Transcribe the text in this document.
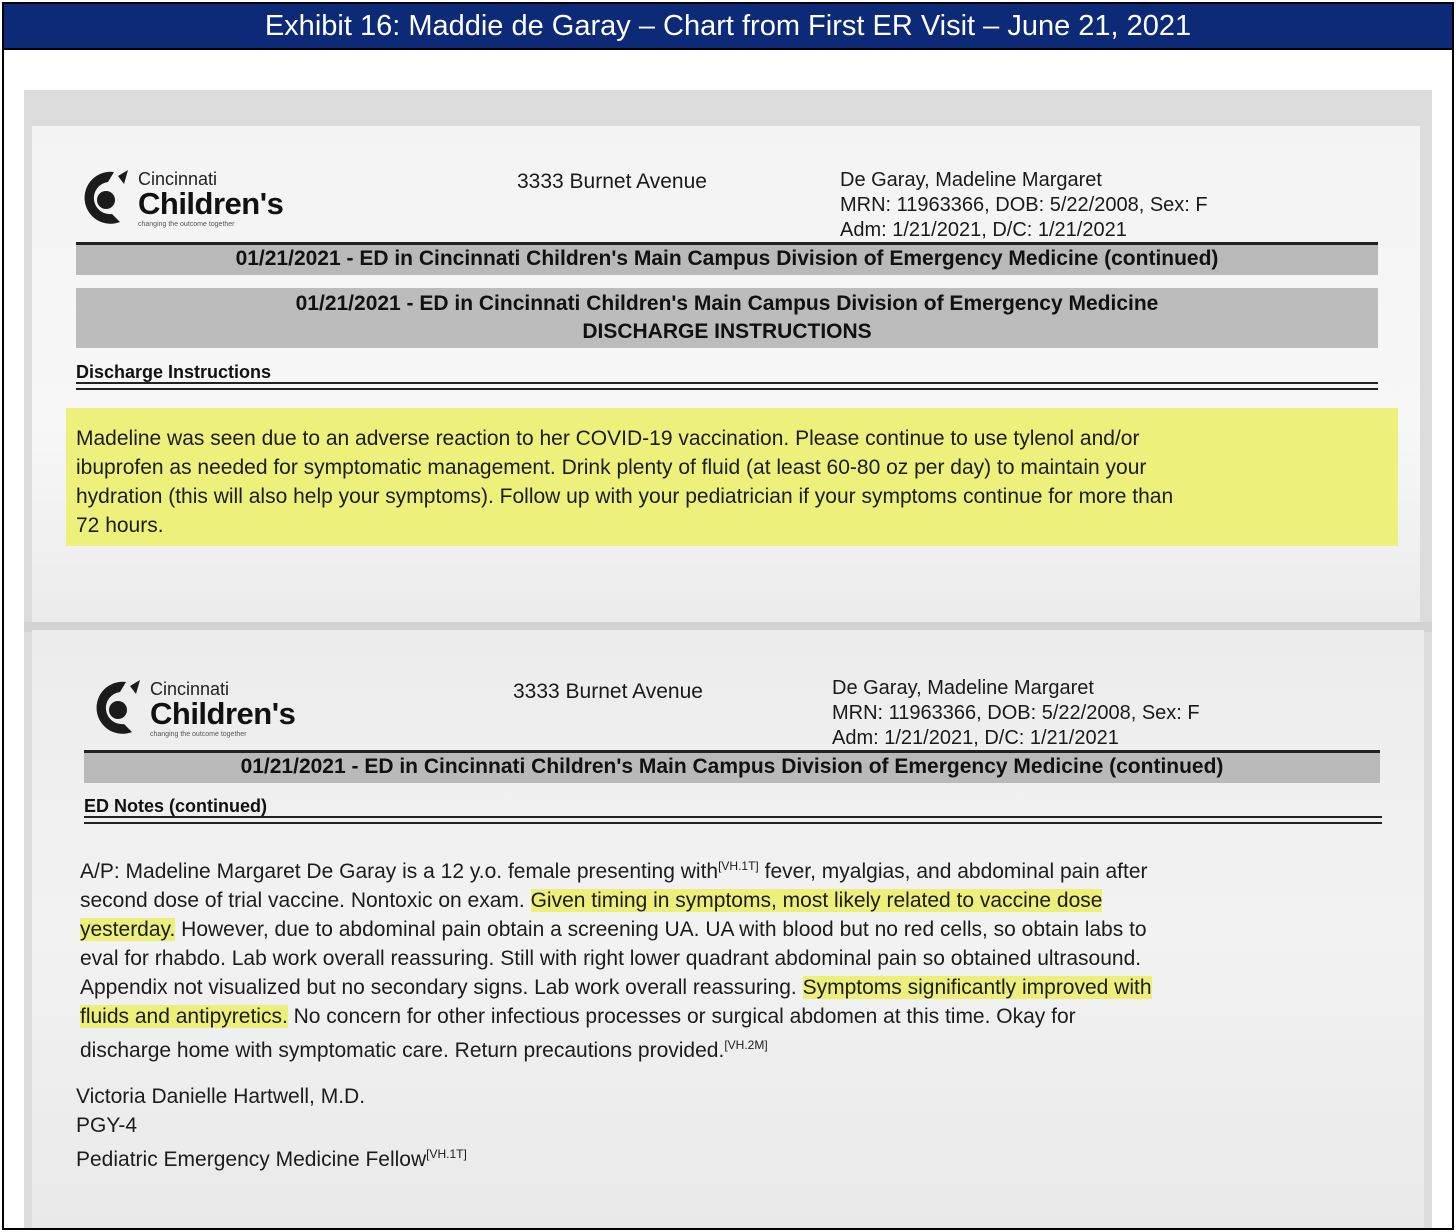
Exhibit 16: Maddie de Garay – Chart from First ER Visit – June 21, 2021
Cincinnati
Children's
changing the outcome together
3333 Burnet Avenue	De Garay, Madeline Margaret
MRN: 11963366, DOB: 5/22/2008, Sex: F
Adm: 1/21/2021, D/C: 1/21/2021
01/21/2021 - ED in Cincinnati Children's Main Campus Division of Emergency Medicine (continued)
01/21/2021 - ED in Cincinnati Children's Main Campus Division of Emergency Medicine
DISCHARGE INSTRUCTIONS
Discharge Instructions
Madeline was seen due to an adverse reaction to her COVID-19 vaccination. Please continue to use tylenol and/or
ibuprofen as needed for symptomatic management. Drink plenty of fluid (at least 60-80 oz per day) to maintain your
hydration (this will also help your symptoms). Follow up with your pediatrician if your symptoms continue for more than
72 hours.
Cincinnati
Children's
changing the outcome together
3333 Burnet Avenue	De Garay, Madeline Margaret
MRN: 11963366, DOB: 5/22/2008, Sex: F
Adm: 1/21/2021, D/C: 1/21/2021
01/21/2021 - ED in Cincinnati Children's Main Campus Division of Emergency Medicine (continued)
ED Notes (continued)
A/P: Madeline Margaret De Garay is a 12 y.o. female presenting with[VH.1T] fever, myalgias, and abdominal pain after
second dose of trial vaccine. Nontoxic on exam. Given timing in symptoms, most likely related to vaccine dose
yesterday. However, due to abdominal pain obtain a screening UA. UA with blood but no red cells, so obtain labs to
eval for rhabdo. Lab work overall reassuring. Still with right lower quadrant abdominal pain so obtained ultrasound.
Appendix not visualized but no secondary signs. Lab work overall reassuring. Symptoms significantly improved with
fluids and antipyretics. No concern for other infectious processes or surgical abdomen at this time. Okay for
discharge home with symptomatic care. Return precautions provided.[VH.2M]
Victoria Danielle Hartwell, M.D.
PGY-4
Pediatric Emergency Medicine Fellow[VH.1T]
